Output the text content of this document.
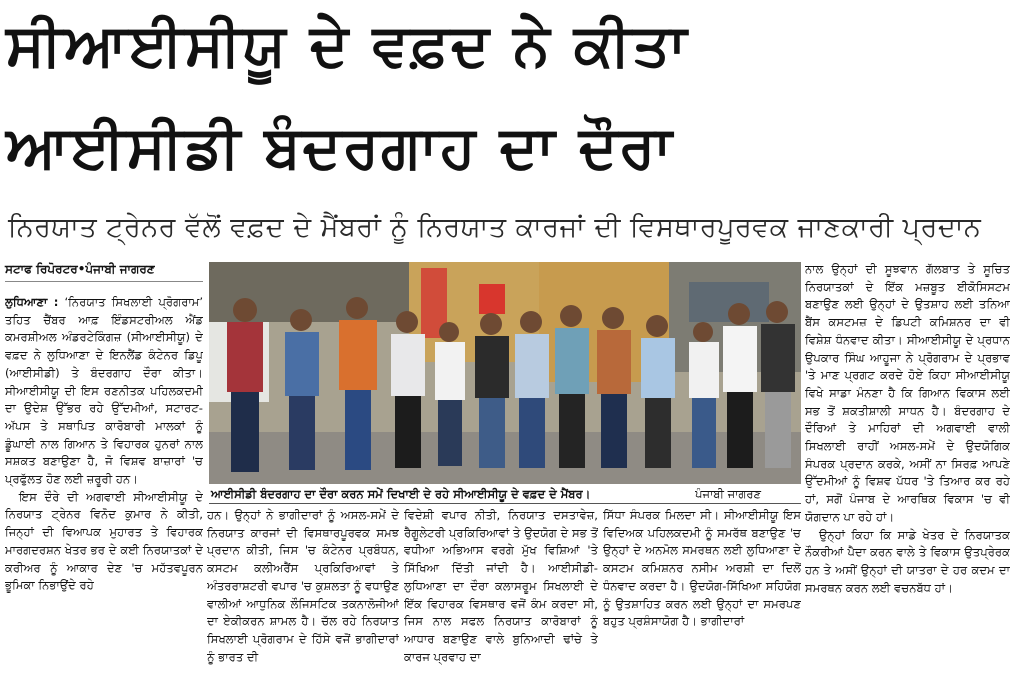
ਸੀਆਈਸੀਯੂ ਦੇ ਵਫ਼ਦ ਨੇ ਕੀਤਾ
ਆਈਸੀਡੀ ਬੰਦਰਗਾਹ ਦਾ ਦੌਰਾ
ਨਿਰਯਾਤ ਟ੍ਰੇਨਰ ਵੱਲੋਂ ਵਫ਼ਦ ਦੇ ਮੈਂਬਰਾਂ ਨੂੰ ਨਿਰਯਾਤ ਕਾਰਜਾਂ ਦੀ ਵਿਸਥਾਰਪੂਰਵਕ ਜਾਣਕਾਰੀ ਪ੍ਰਦਾਨ
ਸਟਾਫ ਰਿਪੋਰਟਰ•ਪੰਜਾਬੀ ਜਾਗਰਣ

ਲੁਧਿਆਣਾ : ‘ਨਿਰਯਾਤ ਸਿਖਲਾਈ ਪ੍ਰੋਗਰਾਮ’ ਤਹਿਤ ਚੈਂਬਰ ਆਫ਼ ਇੰਡਸਟਰੀਅਲ ਐਂਡ ਕਮਰਸ਼ੀਅਲ ਅੰਡਰਟੇਕਿੰਗਜ਼ (ਸੀਆਈਸੀਯੂ) ਦੇ ਵਫ਼ਦ ਨੇ ਲੁਧਿਆਣਾ ਦੇ ਇਨਲੈਂਡ ਕੰਟੇਨਰ ਡਿਪੂ (ਆਈਸੀਡੀ) ਤੇ ਬੰਦਰਗਾਹ ਦੌਰਾ ਕੀਤਾ। ਸੀਆਈਸੀਯੂ ਦੀ ਇਸ ਰਣਨੀਤਕ ਪਹਿਲਕਦਮੀ ਦਾ ਉਦੇਸ਼ ਉੱਭਰ ਰਹੇ ਉੱਦਮੀਆਂ, ਸਟਾਰਟ-ਅੱਪਸ ਤੇ ਸਥਾਪਿਤ ਕਾਰੋਬਾਰੀ ਮਾਲਕਾਂ ਨੂੰ ਡੂੰਘਾਈ ਨਾਲ ਗਿਆਨ ਤੇ ਵਿਹਾਰਕ ਹੁਨਰਾਂ ਨਾਲ ਸਸ਼ਕਤ ਬਣਾਉਣਾ ਹੈ, ਜੋ ਵਿਸ਼ਵ ਬਾਜ਼ਾਰਾਂ 'ਚ ਪ੍ਰਫੁੱਲਤ ਹੋਣ ਲਈ ਜ਼ਰੂਰੀ ਹਨ।

ਇਸ ਦੌਰੇ ਦੀ ਅਗਵਾਈ ਸੀਆਈਸੀਯੂ ਦੇ ਨਿਰਯਾਤ ਟ੍ਰੇਨਰ ਵਿਨੋਦ ਕੁਮਾਰ ਨੇ ਕੀਤੀ, ਜਿਨ੍ਹਾਂ ਦੀ ਵਿਆਪਕ ਮੁਹਾਰਤ ਤੇ ਵਿਹਾਰਕ ਮਾਰਗਦਰਸ਼ਨ ਖੇਤਰ ਭਰ ਦੇ ਕਈ ਨਿਰਯਾਤਕਾਂ ਦੇ ਕਰੀਅਰ ਨੂੰ ਆਕਾਰ ਦੇਣ 'ਚ ਮਹੱਤਵਪੂਰਨ ਭੂਮਿਕਾ ਨਿਭਾਉਂਦੇ ਰਹੇ

ਆਈਸੀਡੀ ਬੰਦਰਗਾਹ ਦਾ ਦੌਰਾ ਕਰਨ ਸਮੇਂ ਦਿਖਾਈ ਦੇ ਰਹੇ ਸੀਆਈਸੀਯੂ ਦੇ ਵਫ਼ਦ ਦੇ ਮੈਂਬਰ।	ਪੰਜਾਬੀ ਜਾਗਰਣ

ਹਨ। ਉਨ੍ਹਾਂ ਨੇ ਭਾਗੀਦਾਰਾਂ ਨੂੰ ਅਸਲ-ਸਮੇਂ ਦੇ ਨਿਰਯਾਤ ਕਾਰਜਾਂ ਦੀ ਵਿਸਥਾਰਪੂਰਵਕ ਸਮਝ ਪ੍ਰਦਾਨ ਕੀਤੀ, ਜਿਸ 'ਚ ਕੰਟੇਨਰ ਪ੍ਰਬੰਧਨ, ਕਸਟਮ ਕਲੀਅਰੈਂਸ ਪ੍ਰਕਿਰਿਆਵਾਂ ਤੇ ਅੰਤਰਰਾਸ਼ਟਰੀ ਵਪਾਰ 'ਚ ਕੁਸ਼ਲਤਾ ਨੂੰ ਵਧਾਉਣ ਵਾਲੀਆਂ ਆਧੁਨਿਕ ਲੌਜਿਸਟਿਕ ਤਕਨਾਲੋਜੀਆਂ ਦਾ ਏਕੀਕਰਨ ਸ਼ਾਮਲ ਹੈ। ਚੱਲ ਰਹੇ ਨਿਰਯਾਤ ਸਿਖਲਾਈ ਪ੍ਰੋਗਰਾਮ ਦੇ ਹਿੱਸੇ ਵਜੋਂ ਭਾਗੀਦਾਰਾਂ ਨੂੰ ਭਾਰਤ ਦੀ

ਵਿਦੇਸ਼ੀ ਵਪਾਰ ਨੀਤੀ, ਨਿਰਯਾਤ ਦਸਤਾਵੇਜ਼, ਰੈਗੂਲੇਟਰੀ ਪ੍ਰਕਿਰਿਆਵਾਂ ਤੇ ਉਦਯੋਗ ਦੇ ਸਭ ਤੋਂ ਵਧੀਆ ਅਭਿਆਸ ਵਰਗੇ ਮੁੱਖ ਵਿਸ਼ਿਆਂ 'ਤੇ ਸਿੱਖਿਆ ਦਿੱਤੀ ਜਾਂਦੀ ਹੈ। ਆਈਸੀਡੀ-ਲੁਧਿਆਣਾ ਦਾ ਦੌਰਾ ਕਲਾਸਰੂਮ ਸਿਖਲਾਈ ਦੇ ਇੱਕ ਵਿਹਾਰਕ ਵਿਸਥਾਰ ਵਜੋਂ ਕੰਮ ਕਰਦਾ ਸੀ, ਜਿਸ ਨਾਲ ਸਫਲ ਨਿਰਯਾਤ ਕਾਰੋਬਾਰਾਂ ਨੂੰ ਆਧਾਰ ਬਣਾਉਣ ਵਾਲੇ ਬੁਨਿਆਦੀ ਢਾਂਚੇ ਤੇ ਕਾਰਜ ਪ੍ਰਵਾਹ ਦਾ

ਸਿੱਧਾ ਸੰਪਰਕ ਮਿਲਦਾ ਸੀ। ਸੀਆਈਸੀਯੂ ਇਸ ਵਿਦਿਅਕ ਪਹਿਲਕਦਮੀ ਨੂੰ ਸਮਰੱਥ ਬਣਾਉਣ 'ਚ ਉਨ੍ਹਾਂ ਦੇ ਅਨਮੋਲ ਸਮਰਥਨ ਲਈ ਲੁਧਿਆਣਾ ਦੇ ਕਸਟਮ ਕਮਿਸ਼ਨਰ ਨਸੀਮ ਅਰਸ਼ੀ ਦਾ ਦਿਲੋਂ ਧੰਨਵਾਦ ਕਰਦਾ ਹੈ। ਉਦਯੋਗ-ਸਿੱਖਿਆ ਸਹਿਯੋਗ ਨੂੰ ਉਤਸ਼ਾਹਿਤ ਕਰਨ ਲਈ ਉਨ੍ਹਾਂ ਦਾ ਸਮਰਪਣ ਬਹੁਤ ਪ੍ਰਸ਼ੰਸਾਯੋਗ ਹੈ। ਭਾਗੀਦਾਰਾਂ

ਨਾਲ ਉਨ੍ਹਾਂ ਦੀ ਸੂਝਵਾਨ ਗੱਲਬਾਤ ਤੇ ਸੂਚਿਤ ਨਿਰਯਾਤਕਾਂ ਦੇ ਇੱਕ ਮਜ਼ਬੂਤ ਈਕੋਸਿਸਟਮ ਬਣਾਉਣ ਲਈ ਉਨ੍ਹਾਂ ਦੇ ਉਤਸ਼ਾਹ ਲਈ ਤਨਿਆ ਬੈਂਸ ਕਸਟਮਜ਼ ਦੇ ਡਿਪਟੀ ਕਮਿਸ਼ਨਰ ਦਾ ਵੀ ਵਿਸ਼ੇਸ਼ ਧੰਨਵਾਦ ਕੀਤਾ। ਸੀਆਈਸੀਯੂ ਦੇ ਪ੍ਰਧਾਨ ਉਪਕਾਰ ਸਿੰਘ ਆਹੂਜਾ ਨੇ ਪ੍ਰੋਗਰਾਮ ਦੇ ਪ੍ਰਭਾਵ 'ਤੇ ਮਾਣ ਪ੍ਰਗਟ ਕਰਦੇ ਹੋਏ ਕਿਹਾ ਸੀਆਈਸੀਯੂ ਵਿਖੇ ਸਾਡਾ ਮੰਨਣਾ ਹੈ ਕਿ ਗਿਆਨ ਵਿਕਾਸ ਲਈ ਸਭ ਤੋਂ ਸ਼ਕਤੀਸ਼ਾਲੀ ਸਾਧਨ ਹੈ। ਬੰਦਰਗਾਹ ਦੇ ਦੌਰਿਆਂ ਤੇ ਮਾਹਿਰਾਂ ਦੀ ਅਗਵਾਈ ਵਾਲੀ ਸਿਖਲਾਈ ਰਾਹੀਂ ਅਸਲ-ਸਮੇਂ ਦੇ ਉਦਯੋਗਿਕ ਸੰਪਰਕ ਪ੍ਰਦਾਨ ਕਰਕੇ, ਅਸੀਂ ਨਾ ਸਿਰਫ਼ ਆਪਣੇ ਉੱਦਮੀਆਂ ਨੂੰ ਵਿਸ਼ਵ ਪੱਧਰ 'ਤੇ ਤਿਆਰ ਕਰ ਰਹੇ ਹਾਂ, ਸਗੋਂ ਪੰਜਾਬ ਦੇ ਆਰਥਿਕ ਵਿਕਾਸ 'ਚ ਵੀ ਯੋਗਦਾਨ ਪਾ ਰਹੇ ਹਾਂ।

ਉਨ੍ਹਾਂ ਕਿਹਾ ਕਿ ਸਾਡੇ ਖੇਤਰ ਦੇ ਨਿਰਯਾਤਕ ਨੌਕਰੀਆਂ ਪੈਦਾ ਕਰਨ ਵਾਲੇ ਤੇ ਵਿਕਾਸ ਉਤਪ੍ਰੇਰਕ ਹਨ ਤੇ ਅਸੀਂ ਉਨ੍ਹਾਂ ਦੀ ਯਾਤਰਾ ਦੇ ਹਰ ਕਦਮ ਦਾ ਸਮਰਥਨ ਕਰਨ ਲਈ ਵਚਨਬੱਧ ਹਾਂ।
